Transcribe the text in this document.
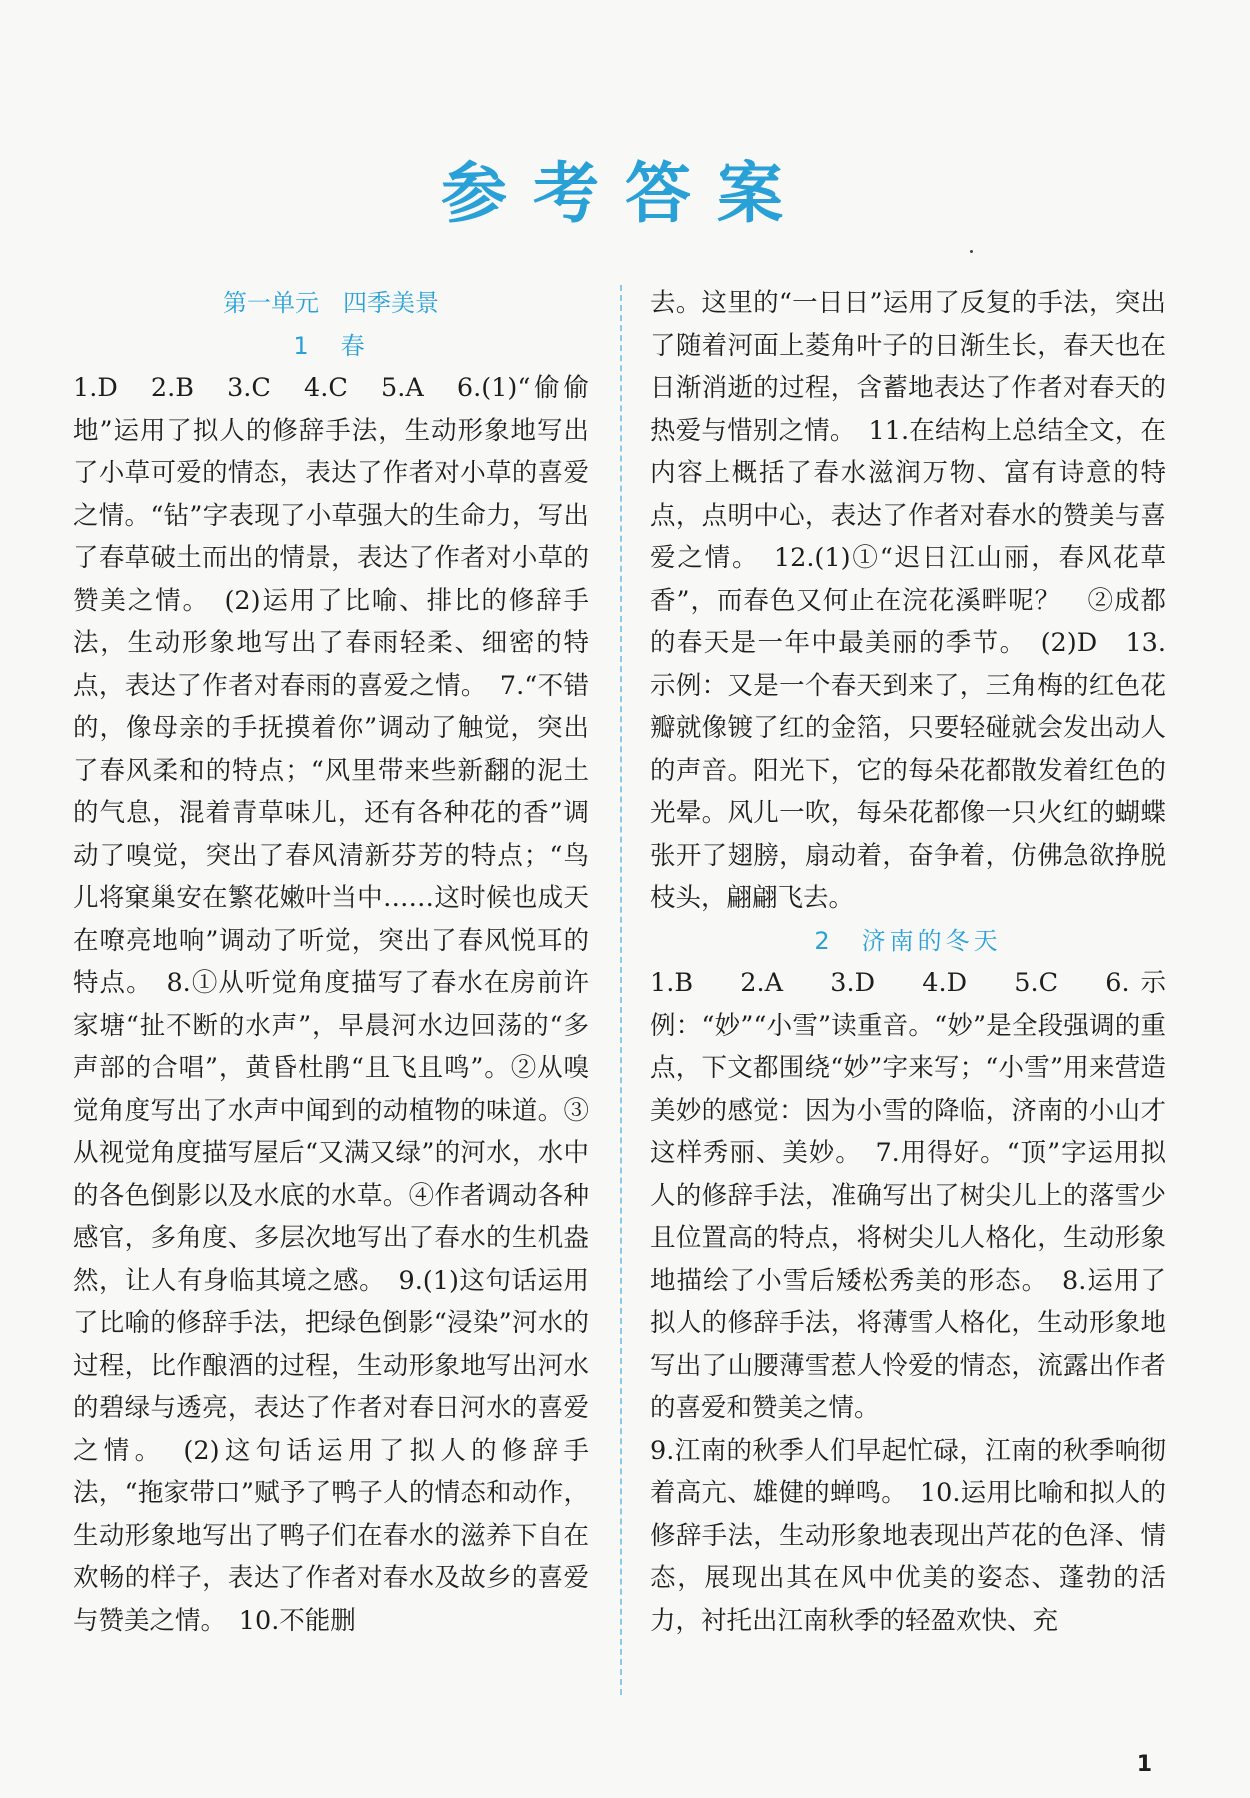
参考答案
第一单元　四季美景
1　春

1.D　2.B　3.C　4.C　5.A　6.(1)“偷偷地”运用了拟人的修辞手法，生动形象地写出了小草可爱的情态，表达了作者对小草的喜爱之情。“钻”字表现了小草强大的生命力，写出了春草破土而出的情景，表达了作者对小草的赞美之情。　(2)运用了比喻、排比的修辞手法，生动形象地写出了春雨轻柔、细密的特点，表达了作者对春雨的喜爱之情。　7.“不错的，像母亲的手抚摸着你”调动了触觉，突出了春风柔和的特点；“风里带来些新翻的泥土的气息，混着青草味儿，还有各种花的香”调动了嗅觉，突出了春风清新芬芳的特点；“鸟儿将窠巢安在繁花嫩叶当中……这时候也成天在嘹亮地响”调动了听觉，突出了春风悦耳的特点。　8.①从听觉角度描写了春水在房前许家塘“扯不断的水声”，早晨河水边回荡的“多声部的合唱”，黄昏杜鹃“且飞且鸣”。②从嗅觉角度写出了水声中闻到的动植物的味道。③从视觉角度描写屋后“又满又绿”的河水，水中的各色倒影以及水底的水草。④作者调动各种感官，多角度、多层次地写出了春水的生机盎然，让人有身临其境之感。　9.(1)这句话运用了比喻的修辞手法，把绿色倒影“浸染”河水的过程，比作酿酒的过程，生动形象地写出河水的碧绿与透亮，表达了作者对春日河水的喜爱之情。　(2)这句话运用了拟人的修辞手法，“拖家带口”赋予了鸭子人的情态和动作，生动形象地写出了鸭子们在春水的滋养下自在欢畅的样子，表达了作者对春水及故乡的喜爱与赞美之情。　10.不能删

去。这里的“一日日”运用了反复的手法，突出了随着河面上菱角叶子的日渐生长，春天也在日渐消逝的过程，含蓄地表达了作者对春天的热爱与惜别之情。　11.在结构上总结全文，在内容上概括了春水滋润万物、富有诗意的特点，点明中心，表达了作者对春水的赞美与喜爱之情。　12.(1)①“迟日江山丽，春风花草香”，而春色又何止在浣花溪畔呢？　②成都的春天是一年中最美丽的季节。　(2)D　13.示例：又是一个春天到来了，三角梅的红色花瓣就像镀了红的金箔，只要轻碰就会发出动人的声音。阳光下，它的每朵花都散发着红色的光晕。风儿一吹，每朵花都像一只火红的蝴蝶张开了翅膀，扇动着，奋争着，仿佛急欲挣脱枝头，翩翩飞去。

2　济南的冬天

1.B　2.A　3.D　4.D　5.C　6.示例：“妙”“小雪”读重音。“妙”是全段强调的重点，下文都围绕“妙”字来写；“小雪”用来营造美妙的感觉：因为小雪的降临，济南的小山才这样秀丽、美妙。　7.用得好。“顶”字运用拟人的修辞手法，准确写出了树尖儿上的落雪少且位置高的特点，将树尖儿人格化，生动形象地描绘了小雪后矮松秀美的形态。　8.运用了拟人的修辞手法，将薄雪人格化，生动形象地写出了山腰薄雪惹人怜爱的情态，流露出作者的喜爱和赞美之情。

9.江南的秋季人们早起忙碌，江南的秋季响彻着高亢、雄健的蝉鸣。　10.运用比喻和拟人的修辞手法，生动形象地表现出芦花的色泽、情态，展现出其在风中优美的姿态、蓬勃的活力，衬托出江南秋季的轻盈欢快、充

1
